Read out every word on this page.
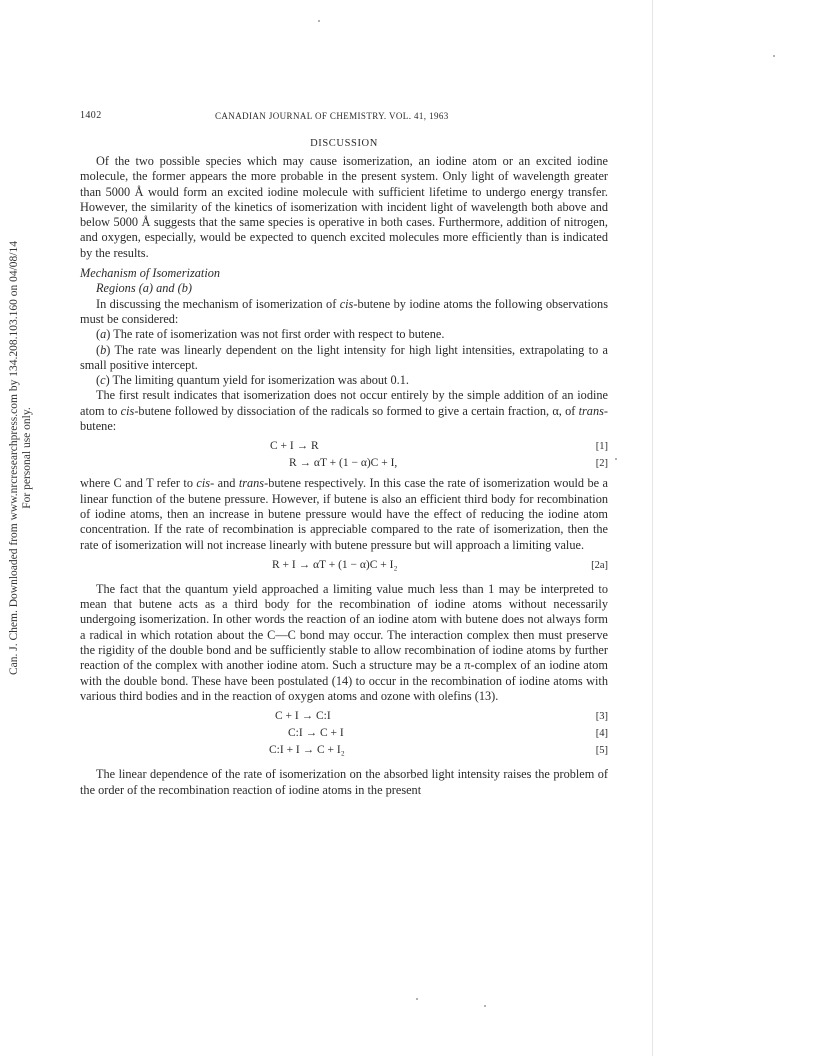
Can. J. Chem. Downloaded from www.nrcresearchpress.com by 134.208.103.160 on 04/08/14 For personal use only.
1402	CANADIAN JOURNAL OF CHEMISTRY. VOL. 41, 1963
DISCUSSION

Of the two possible species which may cause isomerization, an iodine atom or an excited iodine molecule, the former appears the more probable in the present system. Only light of wavelength greater than 5000 Å would form an excited iodine molecule with sufficient lifetime to undergo energy transfer. However, the similarity of the kinetics of isomerization with incident light of wavelength both above and below 5000 Å suggests that the same species is operative in both cases. Furthermore, addition of nitrogen, and oxygen, especially, would be expected to quench excited molecules more efficiently than is indicated by the results.

Mechanism of Isomerization
Regions (a) and (b)

In discussing the mechanism of isomerization of cis-butene by iodine atoms the following observations must be considered:

(a) The rate of isomerization was not first order with respect to butene.

(b) The rate was linearly dependent on the light intensity for high light intensities, extrapolating to a small positive intercept.

(c) The limiting quantum yield for isomerization was about 0.1.

The first result indicates that isomerization does not occur entirely by the simple addition of an iodine atom to cis-butene followed by dissociation of the radicals so formed to give a certain fraction, α, of trans-butene:

C + I → R	[1]
R → αT + (1 − α)C + I,	[2]

where C and T refer to cis- and trans-butene respectively. In this case the rate of isomerization would be a linear function of the butene pressure. However, if butene is also an efficient third body for recombination of iodine atoms, then an increase in butene pressure would have the effect of reducing the iodine atom concentration. If the rate of recombination is appreciable compared to the rate of isomerization, then the rate of isomerization will not increase linearly with butene pressure but will approach a limiting value.

R + I → αT + (1 − α)C + I₂	[2a]

The fact that the quantum yield approached a limiting value much less than 1 may be interpreted to mean that butene acts as a third body for the recombination of iodine atoms without necessarily undergoing isomerization. In other words the reaction of an iodine atom with butene does not always form a radical in which rotation about the C—C bond may occur. The interaction complex then must preserve the rigidity of the double bond and be sufficiently stable to allow recombination of iodine atoms by further reaction of the complex with another iodine atom. Such a structure may be a π-complex of an iodine atom with the double bond. These have been postulated (14) to occur in the recombination of iodine atoms with various third bodies and in the reaction of oxygen atoms and ozone with olefins (13).

C + I → C:I	[3]
C:I → C + I	[4]
C:I + I → C + I₂	[5]

The linear dependence of the rate of isomerization on the absorbed light intensity raises the problem of the order of the recombination reaction of iodine atoms in the present
